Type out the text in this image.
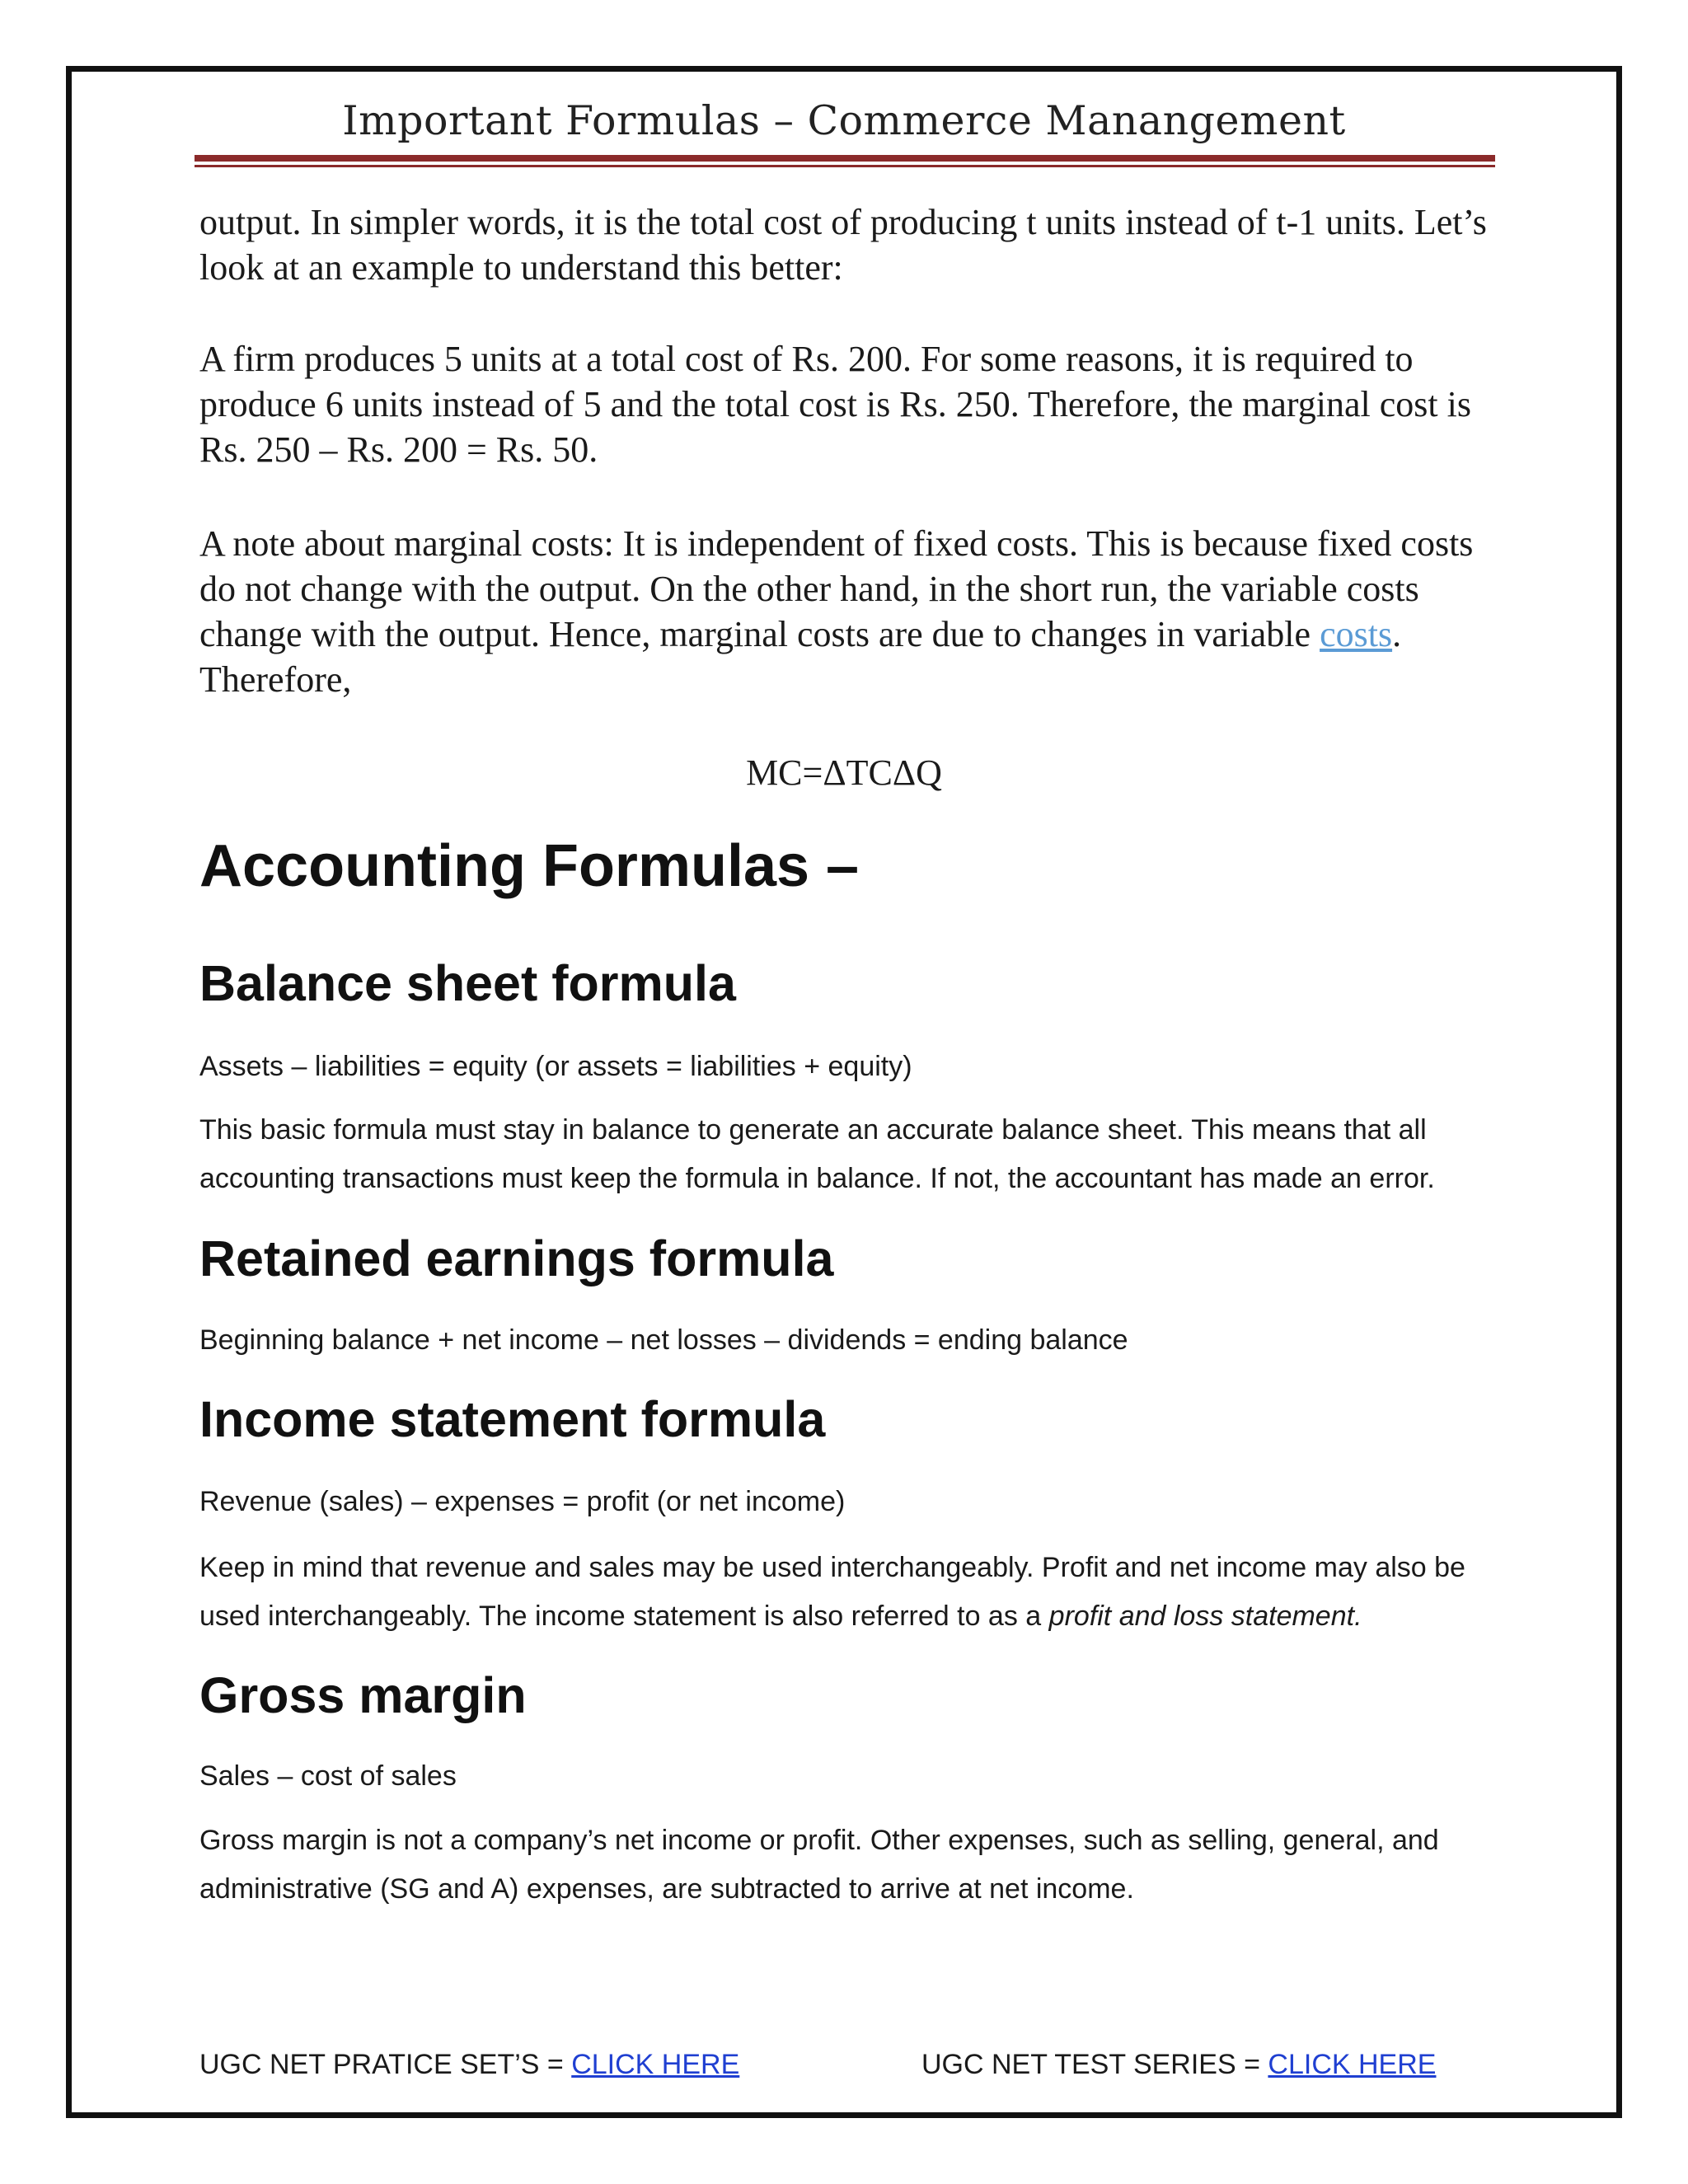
Important Formulas – Commerce Manangement
output. In simpler words, it is the total cost of producing t units instead of t-1 units. Let’s look at an example to understand this better:
A firm produces 5 units at a total cost of Rs. 200. For some reasons, it is required to produce 6 units instead of 5 and the total cost is Rs. 250. Therefore, the marginal cost is Rs. 250 – Rs. 200 = Rs. 50.
A note about marginal costs: It is independent of fixed costs. This is because fixed costs do not change with the output. On the other hand, in the short run, the variable costs change with the output. Hence, marginal costs are due to changes in variable costs. Therefore,
MC=ΔTCΔQ
Accounting Formulas –
Balance sheet formula
Assets – liabilities = equity (or assets = liabilities + equity)
This basic formula must stay in balance to generate an accurate balance sheet. This means that all accounting transactions must keep the formula in balance. If not, the accountant has made an error.
Retained earnings formula
Beginning balance + net income – net losses – dividends = ending balance
Income statement formula
Revenue (sales) – expenses = profit (or net income)
Keep in mind that revenue and sales may be used interchangeably. Profit and net income may also be used interchangeably. The income statement is also referred to as a profit and loss statement.
Gross margin
Sales – cost of sales
Gross margin is not a company’s net income or profit. Other expenses, such as selling, general, and administrative (SG and A) expenses, are subtracted to arrive at net income.
UGC NET PRATICE SET’S = CLICK HERE	UGC NET TEST SERIES = CLICK HERE
